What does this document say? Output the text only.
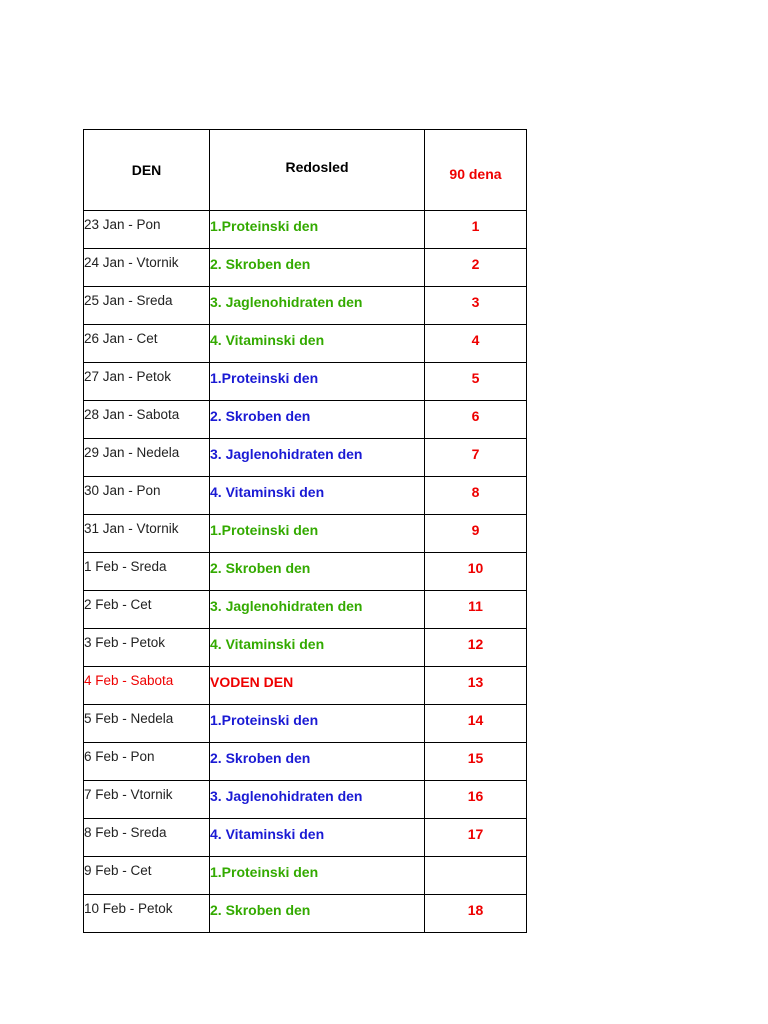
DEN	Redosled	90 dena
23 Jan - Pon	1.Proteinski den	1
24 Jan - Vtornik	2. Skroben den	2
25 Jan - Sreda	3. Jaglenohidraten den	3
26 Jan - Cet	4. Vitaminski den	4
27 Jan - Petok	1.Proteinski den	5
28 Jan - Sabota	2. Skroben den	6
29 Jan - Nedela	3. Jaglenohidraten den	7
30 Jan - Pon	4. Vitaminski den	8
31 Jan - Vtornik	1.Proteinski den	9
1 Feb - Sreda	2. Skroben den	10
2 Feb - Cet	3. Jaglenohidraten den	11
3 Feb - Petok	4. Vitaminski den	12
4 Feb - Sabota	VODEN DEN	13
5 Feb - Nedela	1.Proteinski den	14
6 Feb - Pon	2. Skroben den	15
7 Feb - Vtornik	3. Jaglenohidraten den	16
8 Feb - Sreda	4. Vitaminski den	17
9 Feb - Cet	1.Proteinski den	
10 Feb - Petok	2. Skroben den	18
